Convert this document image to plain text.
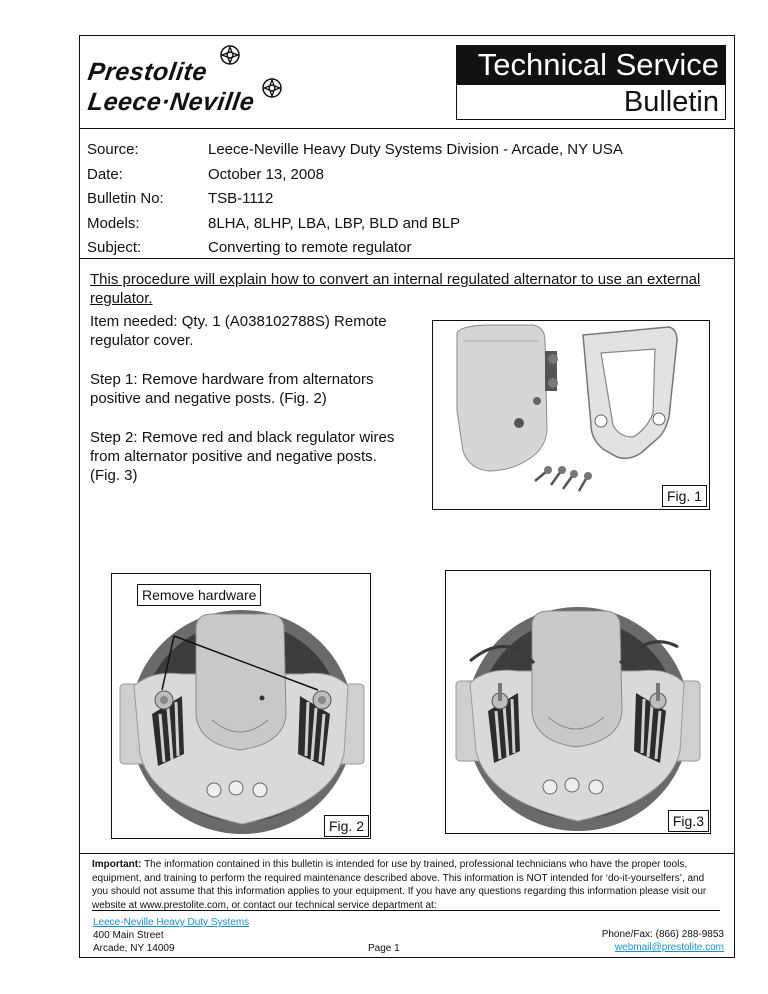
Prestolite
Leece·Neville
Technical Service
Bulletin
Source:	Leece-Neville Heavy Duty Systems Division - Arcade, NY USA
Date:	October 13, 2008
Bulletin No:	TSB-1112
Models:	8LHA, 8LHP, LBA, LBP, BLD and BLP
Subject:	Converting to remote regulator
This procedure will explain how to convert an internal regulated alternator to use an external regulator.

Item needed: Qty. 1 (A038102788S) Remote regulator cover.

Step 1: Remove hardware from alternators positive and negative posts. (Fig. 2)

Step 2: Remove red and black regulator wires from alternator positive and negative posts. (Fig. 3)

Fig. 1
Remove hardware
Fig. 2	Fig.3
Important: The information contained in this bulletin is intended for use by trained, professional technicians who have the proper tools, equipment, and training to perform the required maintenance described above. This information is NOT intended for ‘do-it-yourselfers’, and you should not assume that this information applies to your equipment. If you have any questions regarding this information please visit our website at www.prestolite.com, or contact our technical service department at:
Leece-Neville Heavy Duty Systems
400 Main Street
Arcade, NY 14009	Page 1
Phone/Fax: (866) 288-9853
webmail@prestolite.com
